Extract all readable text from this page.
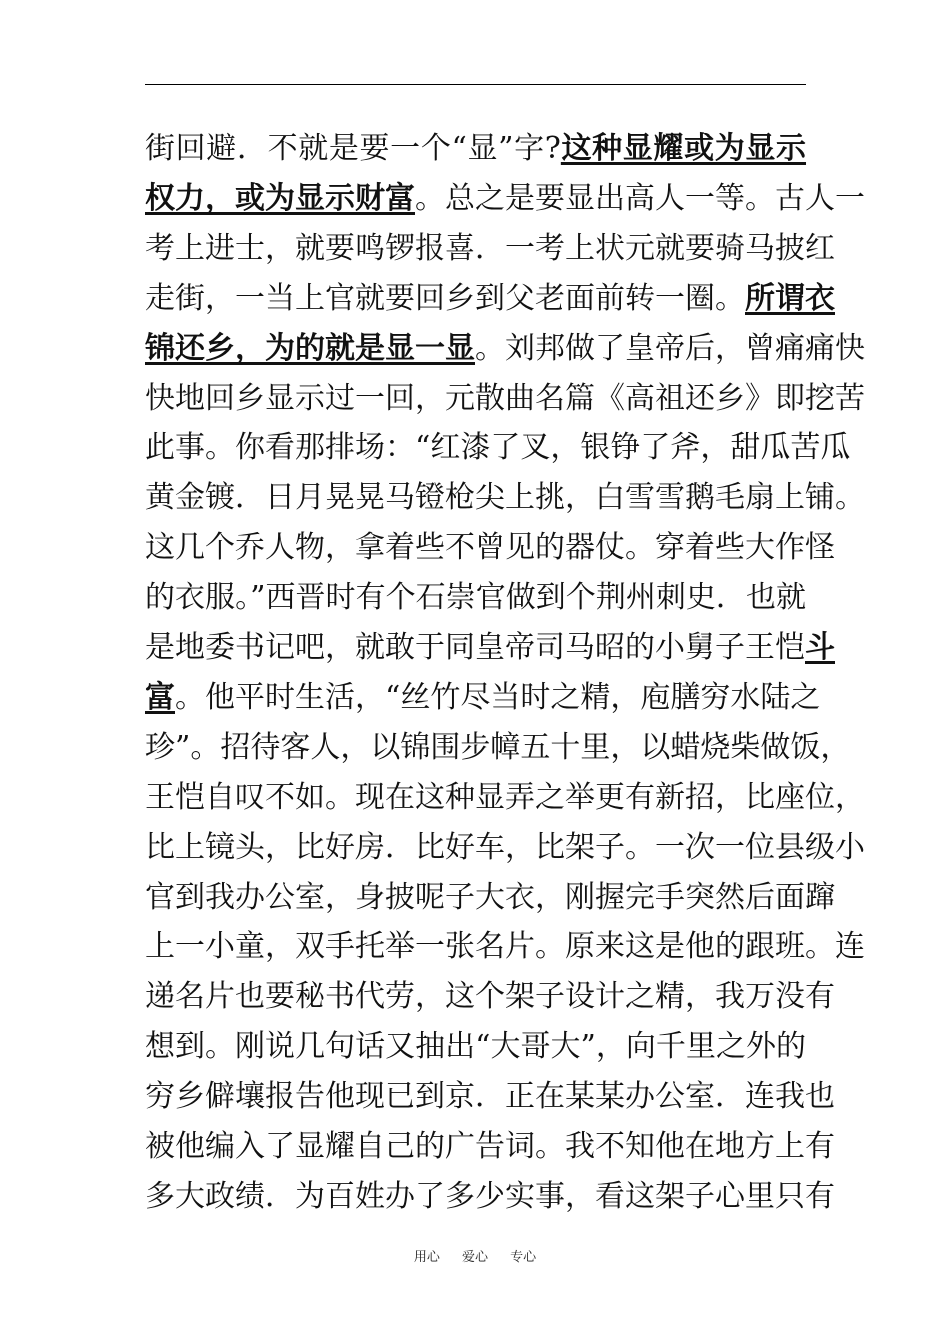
街回避．不就是要一个“显”字?这种显耀或为显示
权力，或为显示财富。总之是要显出高人一等。古人一
考上进士，就要鸣锣报喜．一考上状元就要骑马披红
走街，一当上官就要回乡到父老面前转一圈。所谓衣
锦还乡，为的就是显一显。刘邦做了皇帝后，曾痛痛快
快地回乡显示过一回，元散曲名篇《高祖还乡》即挖苦
此事。你看那排场：“红漆了叉，银铮了斧，甜瓜苦瓜
黄金镀．日月晃晃马镫枪尖上挑，白雪雪鹅毛扇上铺。
这几个乔人物，拿着些不曾见的器仗。穿着些大作怪
的衣服。”西晋时有个石崇官做到个荆州刺史．也就
是地委书记吧，就敢于同皇帝司马昭的小舅子王恺斗
富。他平时生活，“丝竹尽当时之精，庖膳穷水陆之
珍”。招待客人，以锦围步幛五十里，以蜡烧柴做饭，
王恺自叹不如。现在这种显弄之举更有新招，比座位，
比上镜头，比好房．比好车，比架子。一次一位县级小
官到我办公室，身披呢子大衣，刚握完手突然后面蹿
上一小童，双手托举一张名片。原来这是他的跟班。连
递名片也要秘书代劳，这个架子设计之精，我万没有
想到。刚说几句话又抽出“大哥大”，向千里之外的
穷乡僻壤报告他现已到京．正在某某办公室．连我也
被他编入了显耀自己的广告词。我不知他在地方上有
多大政绩．为百姓办了多少实事，看这架子心里只有
用心 爱心 专心
